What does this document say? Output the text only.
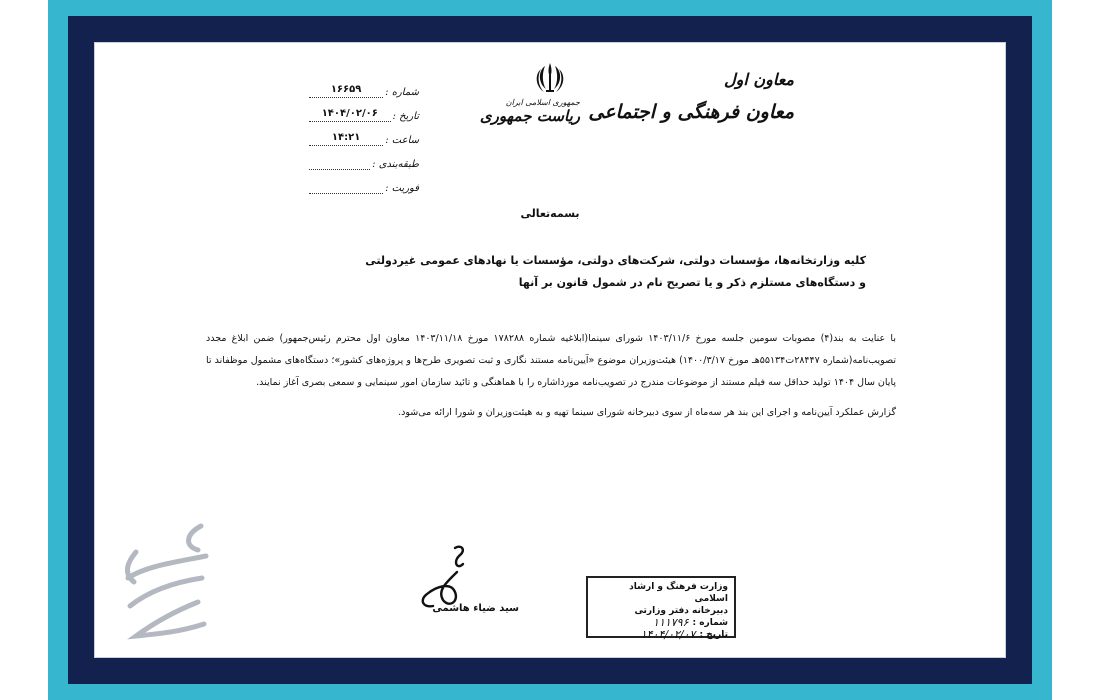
معاون اول
معاون فرهنگی و اجتماعی
جمهوری اسلامی ایران
ریاست جمهوری
شماره :
۱۶۶۵۹
تاریخ :
۱۴۰۴/۰۲/۰۶
ساعت :
۱۴:۲۱
طبقه‌بندی :
فوریت :
بسمه‌تعالی
کلیه وزارتخانه‌ها، مؤسسات دولتی، شرکت‌های دولتی، مؤسسات یا نهادهای عمومی غیردولتی
و دستگاه‌های مستلزم ذکر و یا تصریح نام در شمول قانون بر آنها

با عنایت به بند(۴) مصوبات سومین جلسه مورخ ۱۴۰۳/۱۱/۶ شورای سینما(ابلاغیه شماره ۱۷۸۲۸۸ مورخ ۱۴۰۳/۱۱/۱۸ معاون اول محترم رئیس‌جمهور) ضمن ابلاغ مجدد تصویب‌نامه(شماره ۲۸۴۴۷ت۵۵۱۳۴هـ مورخ ۱۴۰۰/۳/۱۷) هیئت‌وزیران موضوع «آیین‌نامه مستند نگاری و ثبت تصویری طرح‌ها و پروژه‌های کشور»؛ دستگاه‌های مشمول موظفاند تا پایان سال ۱۴۰۴ تولید حداقل سه فیلم مستند از موضوعات مندرج در تصویب‌نامه موردا‌شاره را با هماهنگی و تائید سازمان امور سینمایی و سمعی بصری آغاز نمایند.

گزارش عملکرد آیین‌نامه و اجرای این بند هر سه‌ماه از سوی دبیرخانه شورای سینما تهیه و به هیئت‌وزیران و شورا ارائه می‌شود.

سید ضیاء هاشمی
وزارت فرهنگ و ارشاد اسلامی
دبیرخانه دفتر وزارتی
شماره :
۱۱۱۷۹۶
تاریخ :
۱۴۰۴/۰۲/۰۷
